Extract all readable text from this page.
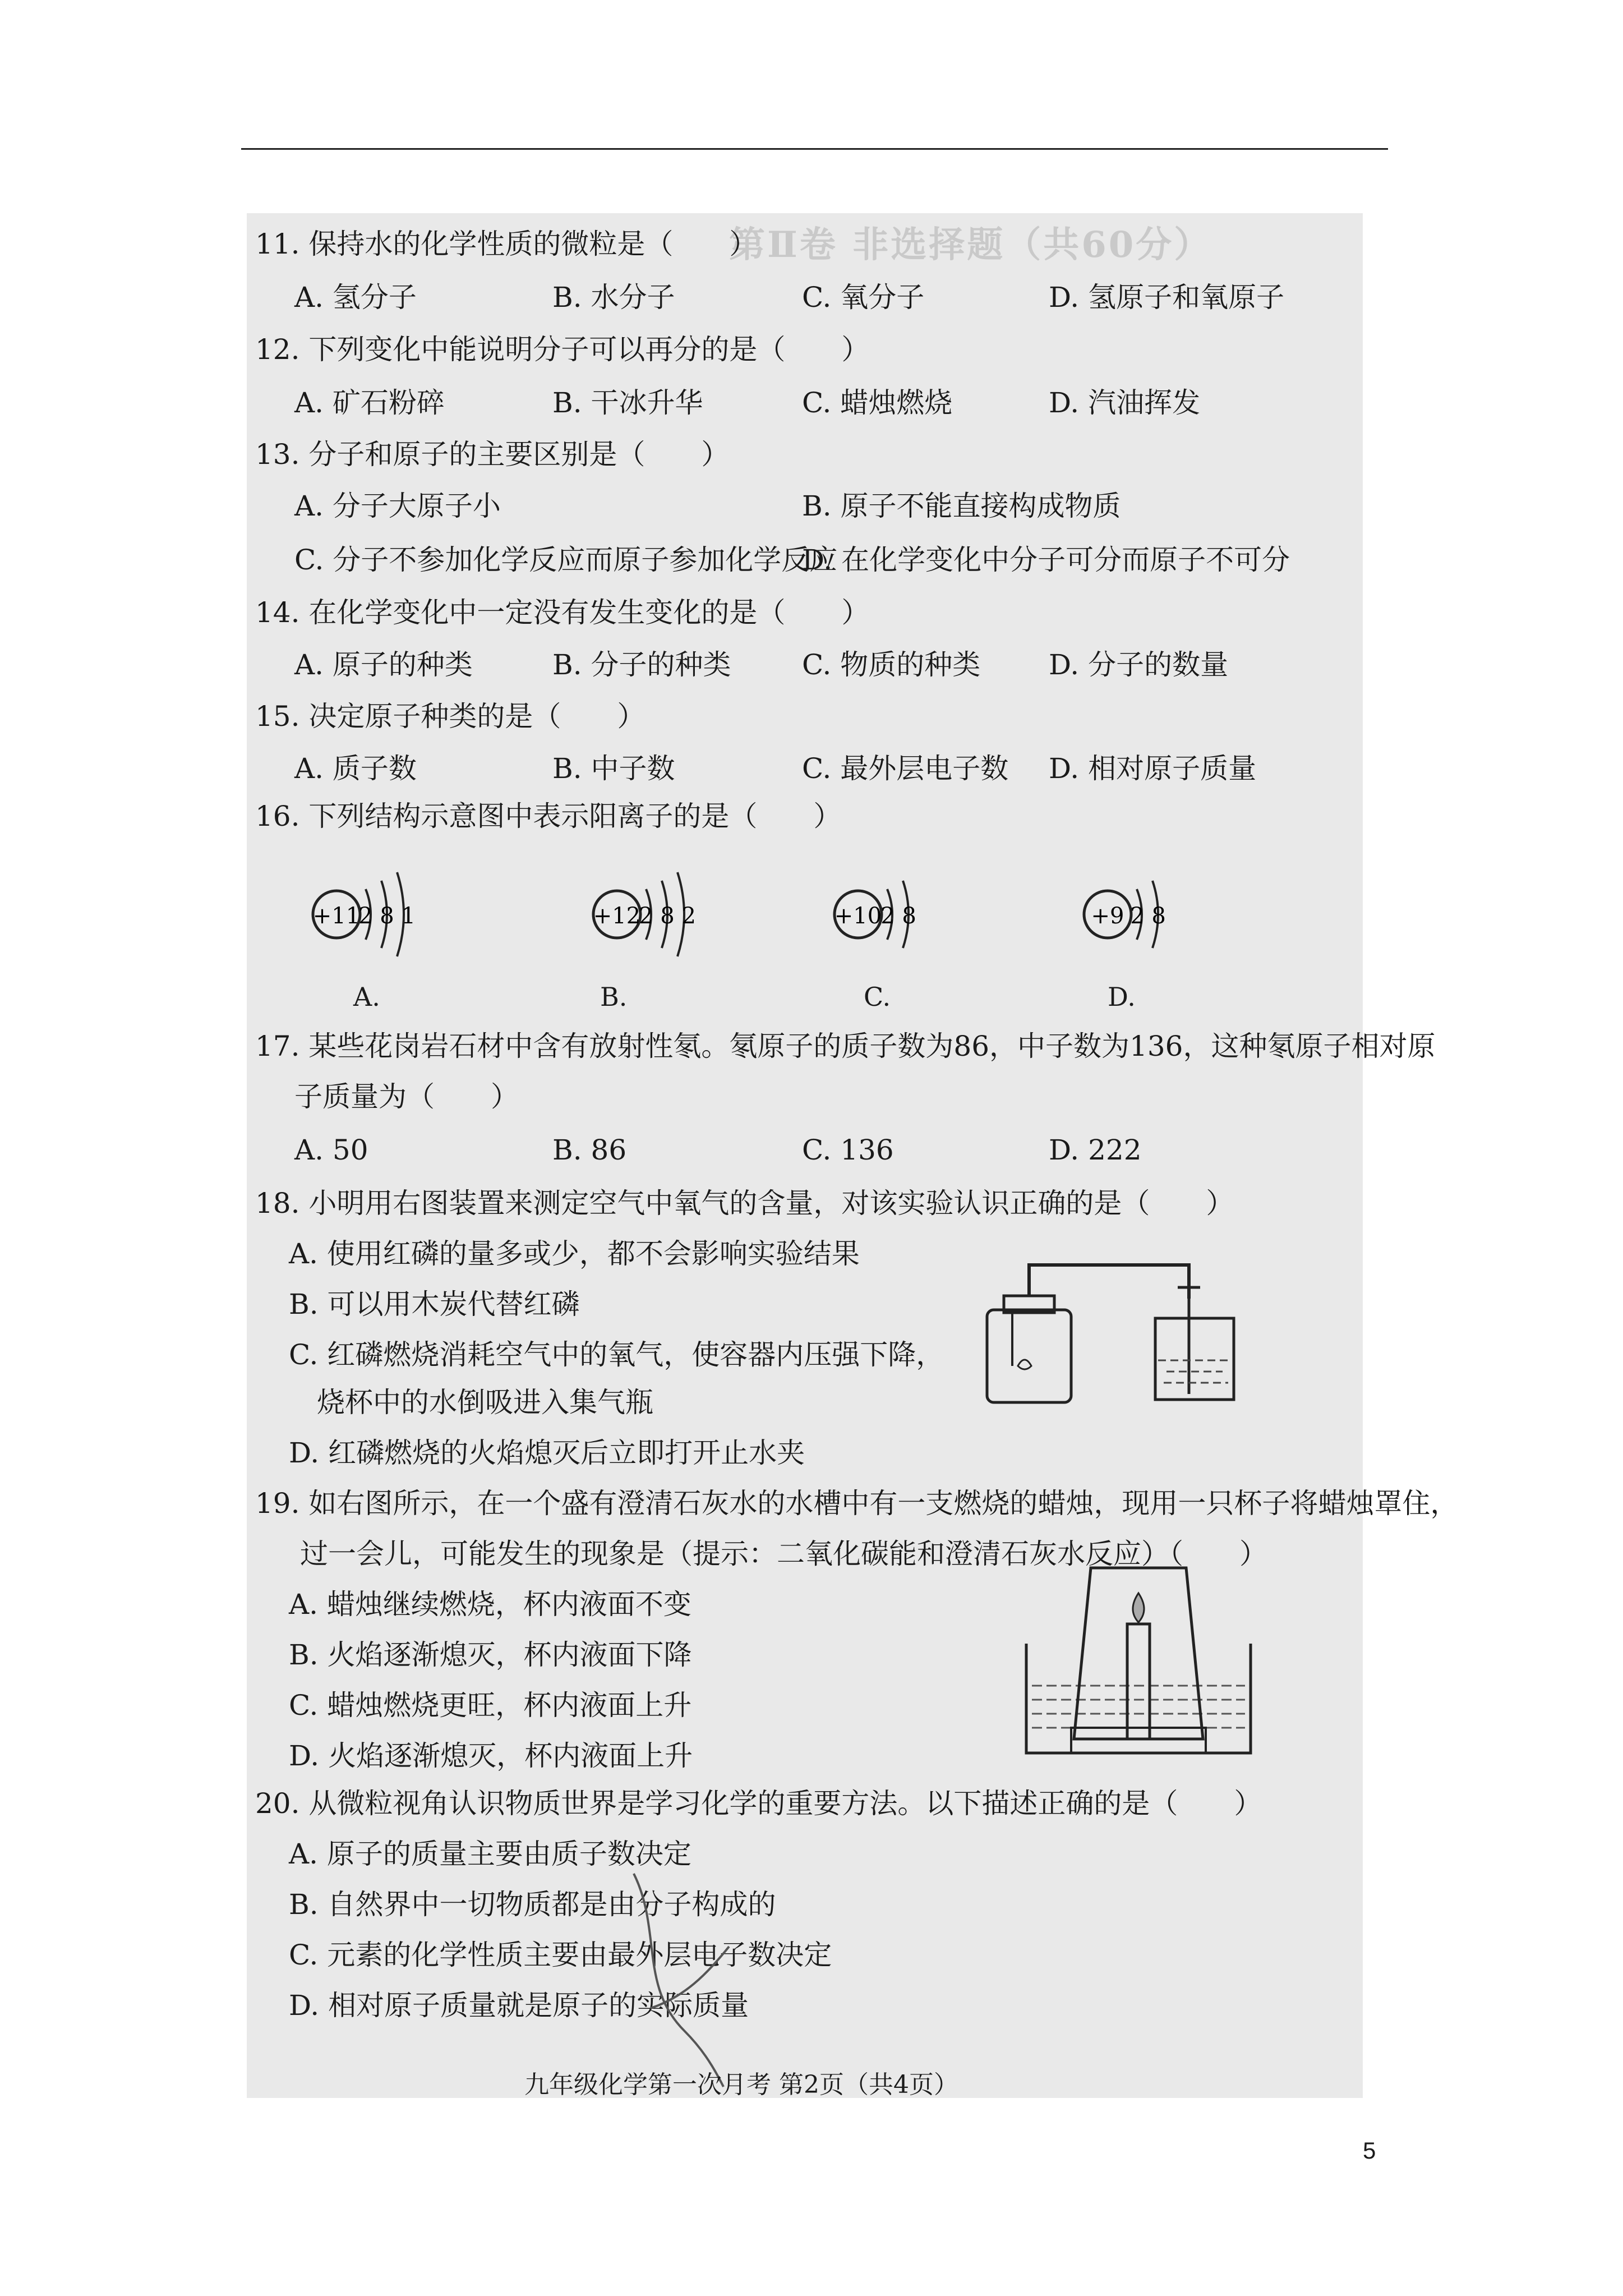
第Ⅱ卷 非选择题（共60分）
11. 保持水的化学性质的微粒是（　　）
A. 氢分子	B. 水分子	C. 氧分子	D. 氢原子和氧原子
12. 下列变化中能说明分子可以再分的是（　　）
A. 矿石粉碎	B. 干冰升华	C. 蜡烛燃烧	D. 汽油挥发
13. 分子和原子的主要区别是（　　）
A. 分子大原子小	B. 原子不能直接构成物质
C. 分子不参加化学反应而原子参加化学反应
D. 在化学变化中分子可分而原子不可分
14. 在化学变化中一定没有发生变化的是（　　）
A. 原子的种类	B. 分子的种类	C. 物质的种类 D. 分子的数量
15. 决定原子种类的是（　　）
A. 质子数	B. 中子数	C. 最外层电子数 D. 相对原子质量
16. 下列结构示意图中表示阳离子的是（　　）
+11
2 8 1
A.
+12
2 8 2
B.
+10
2 8
C.
+9 2 8
D.
17. 某些花岗岩石材中含有放射性氡。氡原子的质子数为86，中子数为136，这种氡原子相对原
子质量为（　　）
A. 50	B. 86	C. 136	D. 222
18. 小明用右图装置来测定空气中氧气的含量，对该实验认识正确的是（　　）
A. 使用红磷的量多或少，都不会影响实验结果
B. 可以用木炭代替红磷
C. 红磷燃烧消耗空气中的氧气，使容器内压强下降，
烧杯中的水倒吸进入集气瓶
D. 红磷燃烧的火焰熄灭后立即打开止水夹
19. 如右图所示，在一个盛有澄清石灰水的水槽中有一支燃烧的蜡烛，现用一只杯子将蜡烛罩住，
过一会儿，可能发生的现象是（提示：二氧化碳能和澄清石灰水反应）（　　）
A. 蜡烛继续燃烧，杯内液面不变
B. 火焰逐渐熄灭，杯内液面下降
C. 蜡烛燃烧更旺，杯内液面上升
D. 火焰逐渐熄灭，杯内液面上升
20. 从微粒视角认识物质世界是学习化学的重要方法。以下描述正确的是（　　）
A. 原子的质量主要由质子数决定
B. 自然界中一切物质都是由分子构成的
C. 元素的化学性质主要由最外层电子数决定
D. 相对原子质量就是原子的实际质量
九年级化学第一次月考 第2页（共4页）
5
